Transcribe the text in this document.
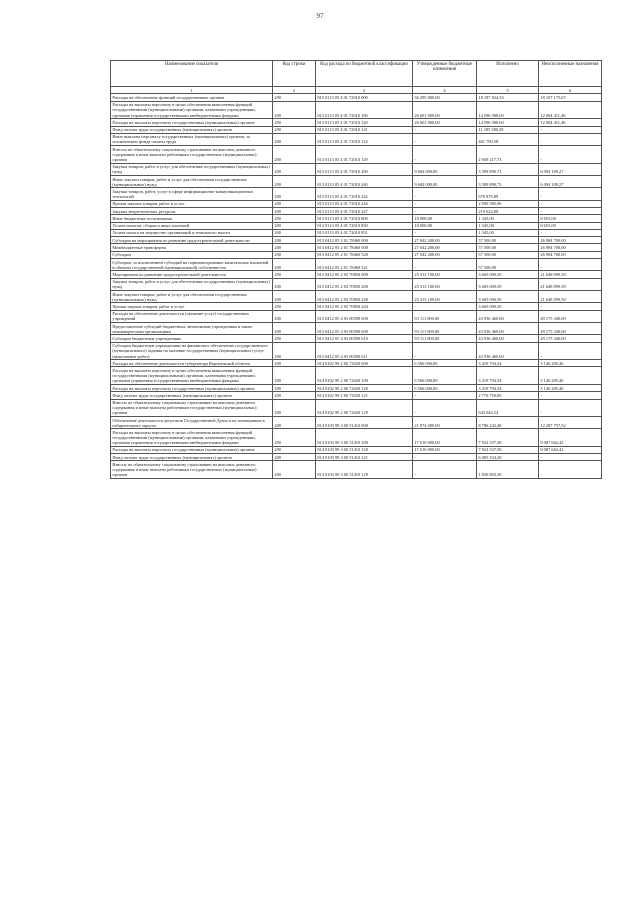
97
Наименование показателя	Код строки	Код расхода по бюджетной классификации	Утвержденные бюджетные назначения	Исполнено	Неисполненные назначения
1	2	3	4	5	6
Расходы на обеспечение функций государственных органов	200	813 0113 05 4 01 72010 000	36 295 000,00	18 187 824,33	18 107 175,67
Расходы на выплаты персоналу в целях обеспечения выполнения функций государственными (муниципальными) органами, казенными учреждениями, органами управления государственными внебюджетными фондами	200	813 0113 05 4 01 72010 100	26 601 000,00	14 596 588,60	12 004 411,40
Расходы на выплаты персоналу государственных (муниципальных) органов	200	813 0113 05 4 01 72010 120	26 601 000,00	14 596 588,60	12 004 411,40
Фонд оплаты труда государственных (муниципальных) органов	200	813 0113 05 4 01 72010 121	-	11 185 580,29	-
Иные выплаты персоналу государственных (муниципальных) органов, за исключением фонда оплаты труда	200	813 0113 05 4 01 72010 122	-	461 790,58	-
Взносы по обязательному социальному страхованию на выплаты денежного содержания и иные выплаты работникам государственных (муниципальных) органов	200	813 0113 05 4 01 72010 129	-	2 949 217,73	-
Закупка товаров, работ и услуг для обеспечения государственных (муниципальных) нужд	200	813 0113 05 4 01 72010 200	9 684 000,00	3 589 890,73	6 094 109,27
Иные закупки товаров, работ и услуг для обеспечения государственных (муниципальных) нужд	200	813 0113 05 4 01 72010 240	9 684 000,00	3 589 890,73	6 094 109,27
Закупка товаров, работ, услуг в сфере информационно-коммуникационных технологий	200	813 0113 05 4 01 72010 242	-	679 879,89	-
Прочая закупка товаров, работ и услуг	200	813 0113 05 4 01 72010 244	-	2 690 385,96	-
Закупка энергетических ресурсов	200	813 0113 05 4 01 72010 247	-	219 624,88	-
Иные бюджетные ассигнования	200	813 0113 05 4 01 72010 800	10 000,00	1 345,00	8 655,00
Уплата налогов, сборов и иных платежей	200	813 0113 05 4 01 72010 850	10 000,00	1 345,00	8 655,00
Уплата налога на имущество организаций и земельного налога	200	813 0113 05 4 01 72010 851	-	1 345,00	-
Субсидии на мероприятия по развитию градостроительной деятельности	200	813 0412 05 2 01 78460 000	27 042 200,00	57 500,00	26 984 700,00
Межбюджетные трансферты	200	813 0412 05 2 01 78460 500	27 042 200,00	57 500,00	26 984 700,00
Субсидии	200	813 0412 05 2 01 78460 520	27 042 200,00	57 500,00	26 984 700,00
Субсидии, за исключением субсидий на софинансирование капитальных вложений в объекты государственной (муниципальной) собственности	200	813 0412 05 2 01 78460 521	-	57 500,00	-
Мероприятия по развитию градостроительной деятельности	200	813 0412 05 2 03 70850 000	25 313 100,00	3 665 000,50	21 648 099,50
Закупка товаров, работ и услуг для обеспечения государственных (муниципальных) нужд	200	813 0412 05 2 03 70850 200	25 313 100,00	3 665 000,50	21 648 099,50
Иные закупки товаров, работ и услуг для обеспечения государственных (муниципальных) нужд	200	813 0412 05 2 03 70850 240	25 313 100,00	3 665 000,50	21 648 099,50
Прочая закупка товаров, работ и услуг	200	813 0412 05 2 03 70850 244	-	3 665 000,50	-
Расходы на обеспечение деятельности (оказание услуг) государственных учреждений	200	813 0412 05 4 03 00590 000	93 111 800,00	43 936 460,00	49 175 340,00
Предоставление субсидий бюджетным, автономным учреждениям и иным некоммерческим организациям	200	813 0412 05 4 03 00590 600	93 111 800,00	43 936 460,00	49 175 340,00
Субсидии бюджетным учреждениям	200	813 0412 05 4 03 00590 610	93 111 800,00	43 936 460,00	49 175 340,00
Субсидии бюджетным учреждениям на финансовое обеспечение государственного (муниципального) задания на оказание государственных (муниципальных) услуг (выполнение работ)	200	813 0412 05 4 03 00590 611	-	43 936 460,00	-
Расходы на обеспечение деятельности губернатора Воронежской области	200	814 0102 99 2 00 72020 000	6 566 000,00	3 419 794,54	3 146 205,46
Расходы на выплаты персоналу в целях обеспечения выполнения функций государственными (муниципальными) органами, казенными учреждениями, органами управления государственными внебюджетными фондами	200	814 0102 99 2 00 72020 100	6 566 000,00	3 419 794,54	3 146 205,46
Расходы на выплаты персоналу государственных (муниципальных) органов	200	814 0102 99 2 00 72020 120	6 566 000,00	3 419 794,54	3 146 205,46
Фонд оплаты труда государственных (муниципальных) органов	200	814 0102 99 2 00 72020 121	-	2 776 750,00	-
Взносы по обязательному социальному страхованию на выплаты денежного содержания и иные выплаты работникам государственных (муниципальных) органов	200	814 0102 99 2 00 72020 129	-	643 044,54	-
Обеспечение деятельности депутатов Государственной Думы и их помощников в избирательных округах	200	814 0103 99 3 00 51410 000	21 074 000,00	8 786 242,48	12 287 757,52
Расходы на выплаты персоналу в целях обеспечения выполнения функций государственными (муниципальными) органами, казенными учреждениями, органами управления государственными внебюджетными фондами	200	814 0103 99 3 00 51410 100	17 010 000,00	7 922 337,58	9 087 662,42
Расходы на выплаты персоналу государственных (муниципальных) органов	200	814 0103 99 3 00 51410 120	17 010 000,00	7 922 337,58	9 087 662,42
Фонд оплаты труда государственных (муниципальных) органов	200	814 0103 99 3 00 51410 121	-	6 085 534,28	-
Взносы по обязательному социальному страхованию на выплаты денежного содержания и иные выплаты работникам государственных (муниципальных) органов	200	814 0103 99 3 00 51410 129	-	1 836 803,30	-
